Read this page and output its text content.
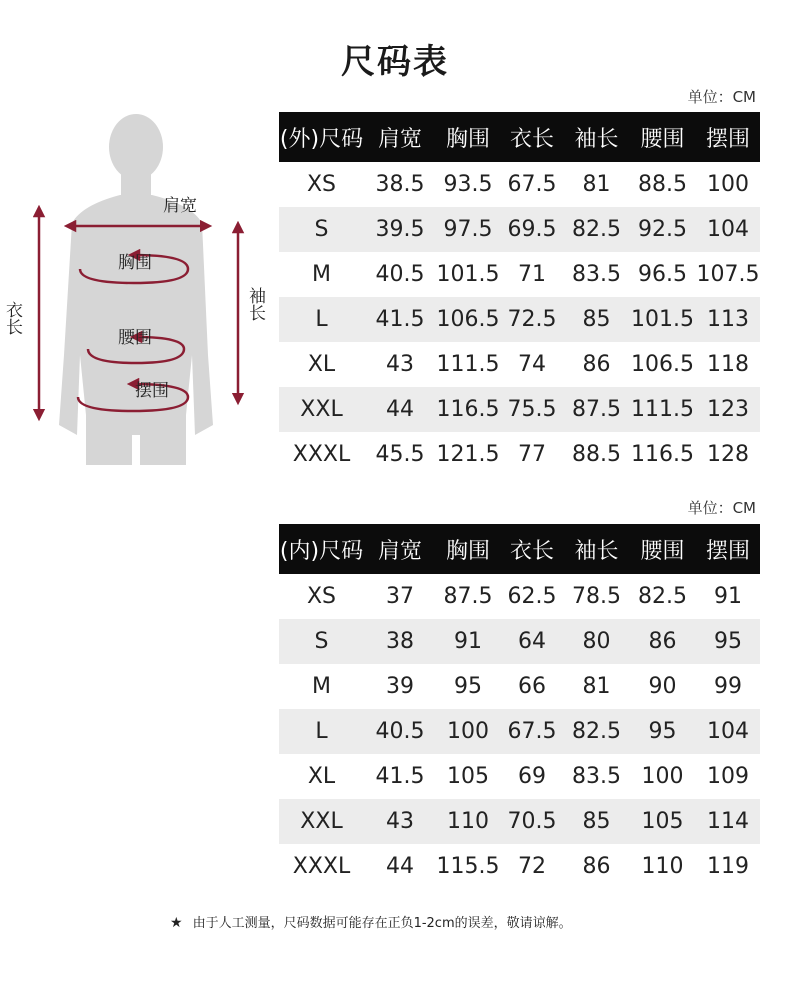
尺码表
单位：CM
肩宽
胸围
腰围
摆围
衣长	袖长
(外)尺码	肩宽	胸围	衣长	袖长	腰围	摆围
XS	38.5	93.5	67.5	81	88.5	100
S	39.5	97.5	69.5	82.5	92.5	104
M	40.5	101.5	71	83.5	96.5	107.5
L	41.5	106.5	72.5	85	101.5	113
XL	43	111.5	74	86	106.5	118
XXL	44	116.5	75.5	87.5	111.5	123
XXXL	45.5	121.5	77	88.5	116.5	128
单位：CM
(内)尺码	肩宽	胸围	衣长	袖长	腰围	摆围
XS	37	87.5	62.5	78.5	82.5	91
S	38	91	64	80	86	95
M	39	95	66	81	90	99
L	40.5	100	67.5	82.5	95	104
XL	41.5	105	69	83.5	100	109
XXL	43	110	70.5	85	105	114
XXXL	44	115.5	72	86	110	119
★ 由于人工测量，尺码数据可能存在正负1-2cm的误差，敬请谅解。
